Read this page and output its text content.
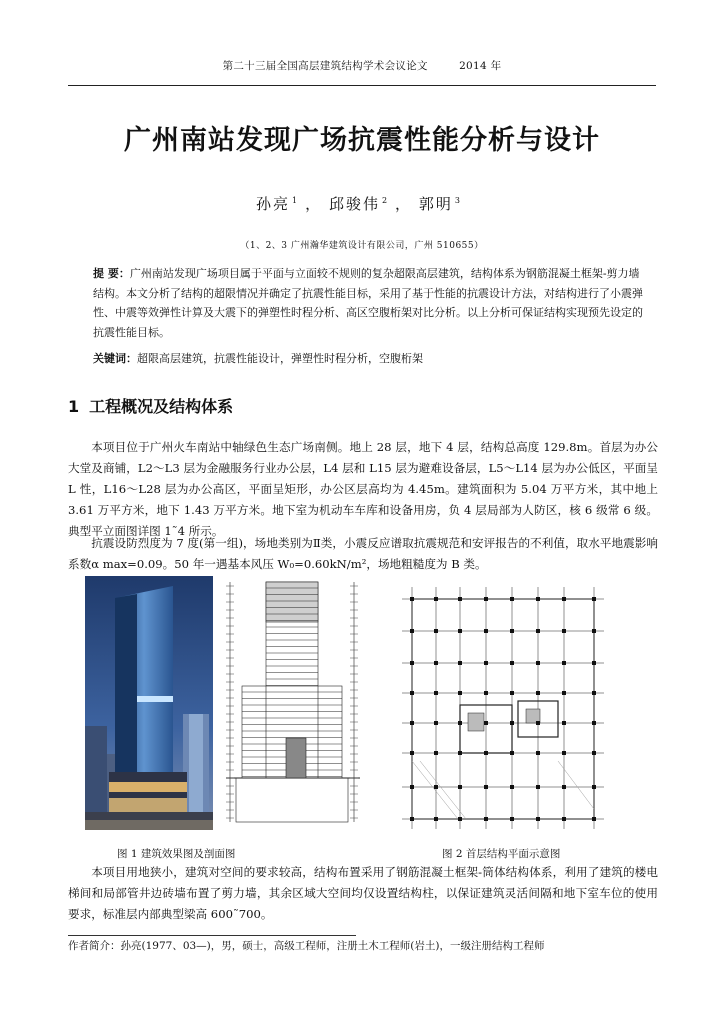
第二十三届全国高层建筑结构学术会议论文	2014 年
广州南站发现广场抗震性能分析与设计
孙亮 $^1$ ， 邱骏伟 $^2$ ， 郭明 $^3$
（1、2、3 广州瀚华建筑设计有限公司，广州 510655）
提 要：广州南站发现广场项目属于平面与立面较不规则的复杂超限高层建筑，结构体系为钢筋混凝土框架-剪力墙结构。本文分析了结构的超限情况并确定了抗震性能目标，采用了基于性能的抗震设计方法，对结构进行了小震弹性、中震等效弹性计算及大震下的弹塑性时程分析、高区空腹桁架对比分析。以上分析可保证结构实现预先设定的抗震性能目标。
关键词：超限高层建筑，抗震性能设计，弹塑性时程分析，空腹桁架
1 工程概况及结构体系
本项目位于广州火车南站中轴绿色生态广场南侧。地上 28 层，地下 4 层，结构总高度 129.8m。首层为办公大堂及商铺，L2～L3 层为金融服务行业办公层，L4 层和 L15 层为避难设备层，L5～L14 层为办公低区，平面呈 L 性，L16～L28 层为办公高区，平面呈矩形，办公区层高均为 4.45m。建筑面积为 5.04 万平方米，其中地上 3.61 万平方米，地下 1.43 万平方米。地下室为机动车车库和设备用房，负 4 层局部为人防区，核 6 级常 6 级。典型平立面图详图 1˜4 所示。
抗震设防烈度为 7 度(第一组)，场地类别为Ⅱ类，小震反应谱取抗震规范和安评报告的不利值，取水平地震影响系数α max=0.09。50 年一遇基本风压 W₀=0.60kN/m²，场地粗糙度为 B 类。
图 1 建筑效果图及剖面图	图 2 首层结构平面示意图
本项目用地狭小，建筑对空间的要求较高，结构布置采用了钢筋混凝土框架-筒体结构体系，利用了建筑的楼电梯间和局部管井边砖墙布置了剪力墙，其余区域大空间均仅设置结构柱，以保证建筑灵活间隔和地下室车位的使用要求，标准层内部典型梁高 600˜700。
作者简介：孙亮(1977、03—)，男，硕士，高级工程师，注册土木工程师(岩土)，一级注册结构工程师
